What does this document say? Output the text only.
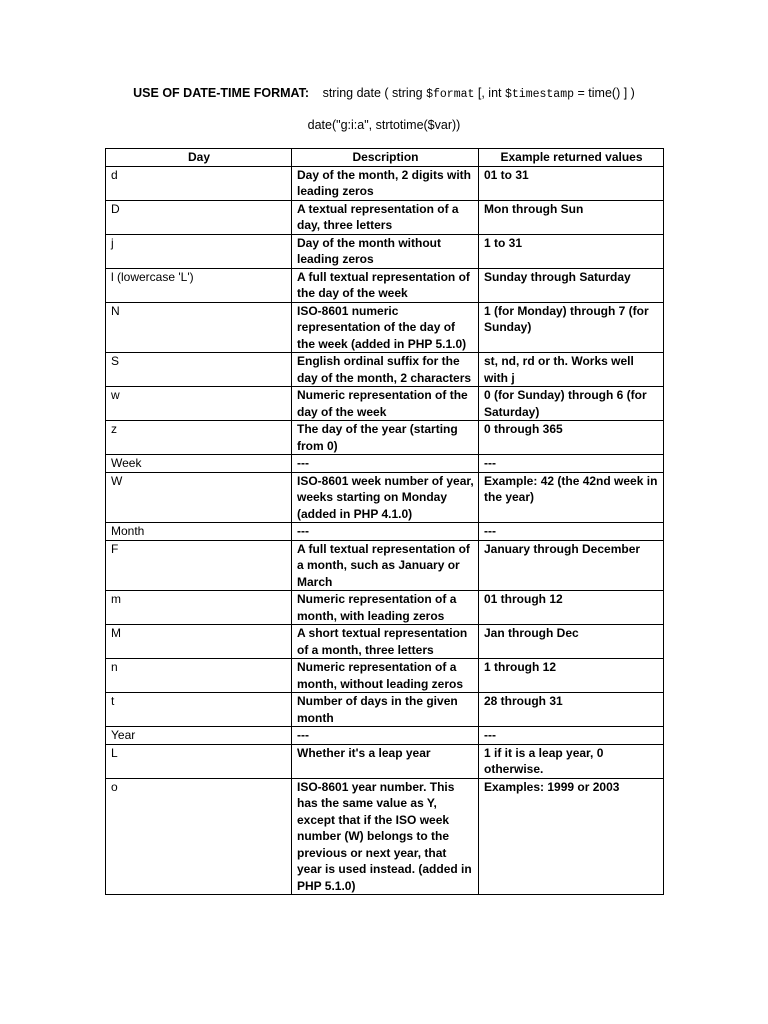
USE OF DATE-TIME FORMAT: string date ( string $format [, int $timestamp = time() ] )
date("g:i:a", strtotime($var))
Day	Description	Example returned values
d	Day of the month, 2 digits with leading zeros	01 to 31
D	A textual representation of a day, three letters	Mon through Sun
j	Day of the month without leading zeros	1 to 31
l (lowercase 'L')	A full textual representation of the day of the week	Sunday through Saturday
N	ISO-8601 numeric representation of the day of the week (added in PHP 5.1.0)	1 (for Monday) through 7 (for Sunday)
S	English ordinal suffix for the day of the month, 2 characters	st, nd, rd or th. Works well with j
w	Numeric representation of the day of the week	0 (for Sunday) through 6 (for Saturday)
z	The day of the year (starting from 0)	0 through 365
Week	---	---
W	ISO-8601 week number of year, weeks starting on Monday (added in PHP 4.1.0)	Example: 42 (the 42nd week in the year)
Month	---	---
F	A full textual representation of a month, such as January or March	January through December
m	Numeric representation of a month, with leading zeros	01 through 12
M	A short textual representation of a month, three letters	Jan through Dec
n	Numeric representation of a month, without leading zeros	1 through 12
t	Number of days in the given month	28 through 31
Year	---	---
L	Whether it's a leap year	1 if it is a leap year, 0 otherwise.
o	ISO-8601 year number. This has the same value as Y, except that if the ISO week number (W) belongs to the previous or next year, that year is used instead. (added in PHP 5.1.0)	Examples: 1999 or 2003
